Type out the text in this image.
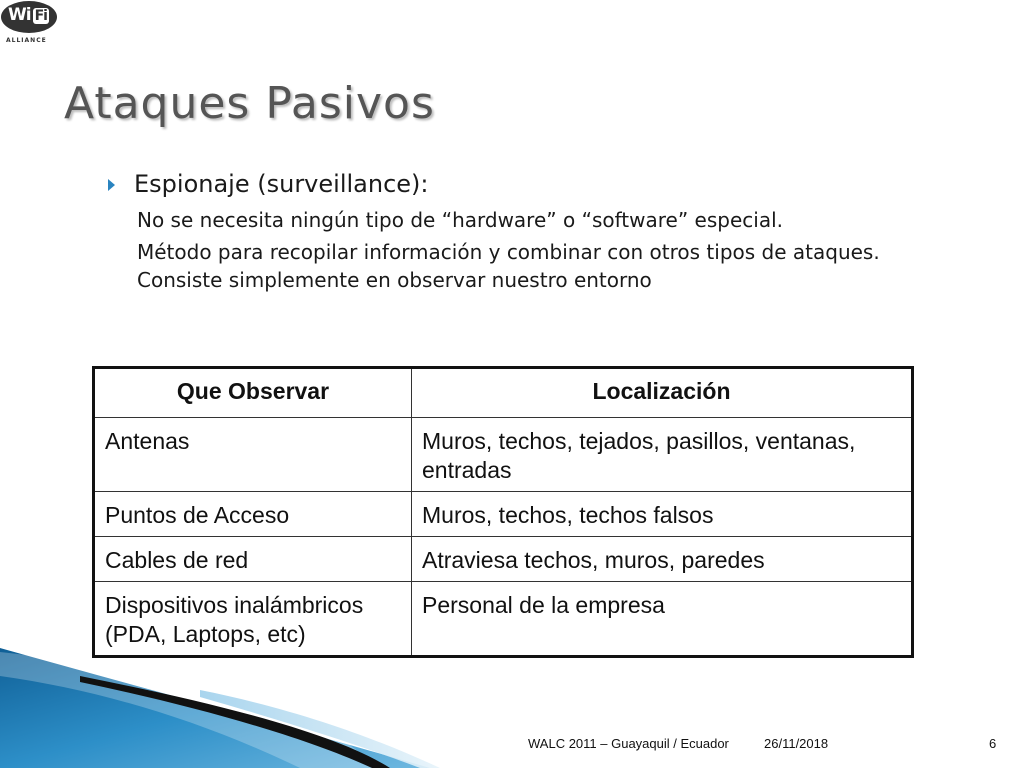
Wi Fi
ALLIANCE
Ataques Pasivos
Espionaje (surveillance):

No se necesita ningún tipo de “hardware” o “software” especial.

Método para recopilar información y combinar con otros tipos de ataques. Consiste simplemente en observar nuestro entorno

Que Observar	Localización
Antenas	Muros, techos, tejados, pasillos, ventanas, entradas
Puntos de Acceso	Muros, techos, techos falsos
Cables de red	Atraviesa techos, muros, paredes
Dispositivos inalámbricos (PDA, Laptops, etc)	Personal de la empresa
WALC 2011 – Guayaquil / Ecuador	26/11/2018	6
